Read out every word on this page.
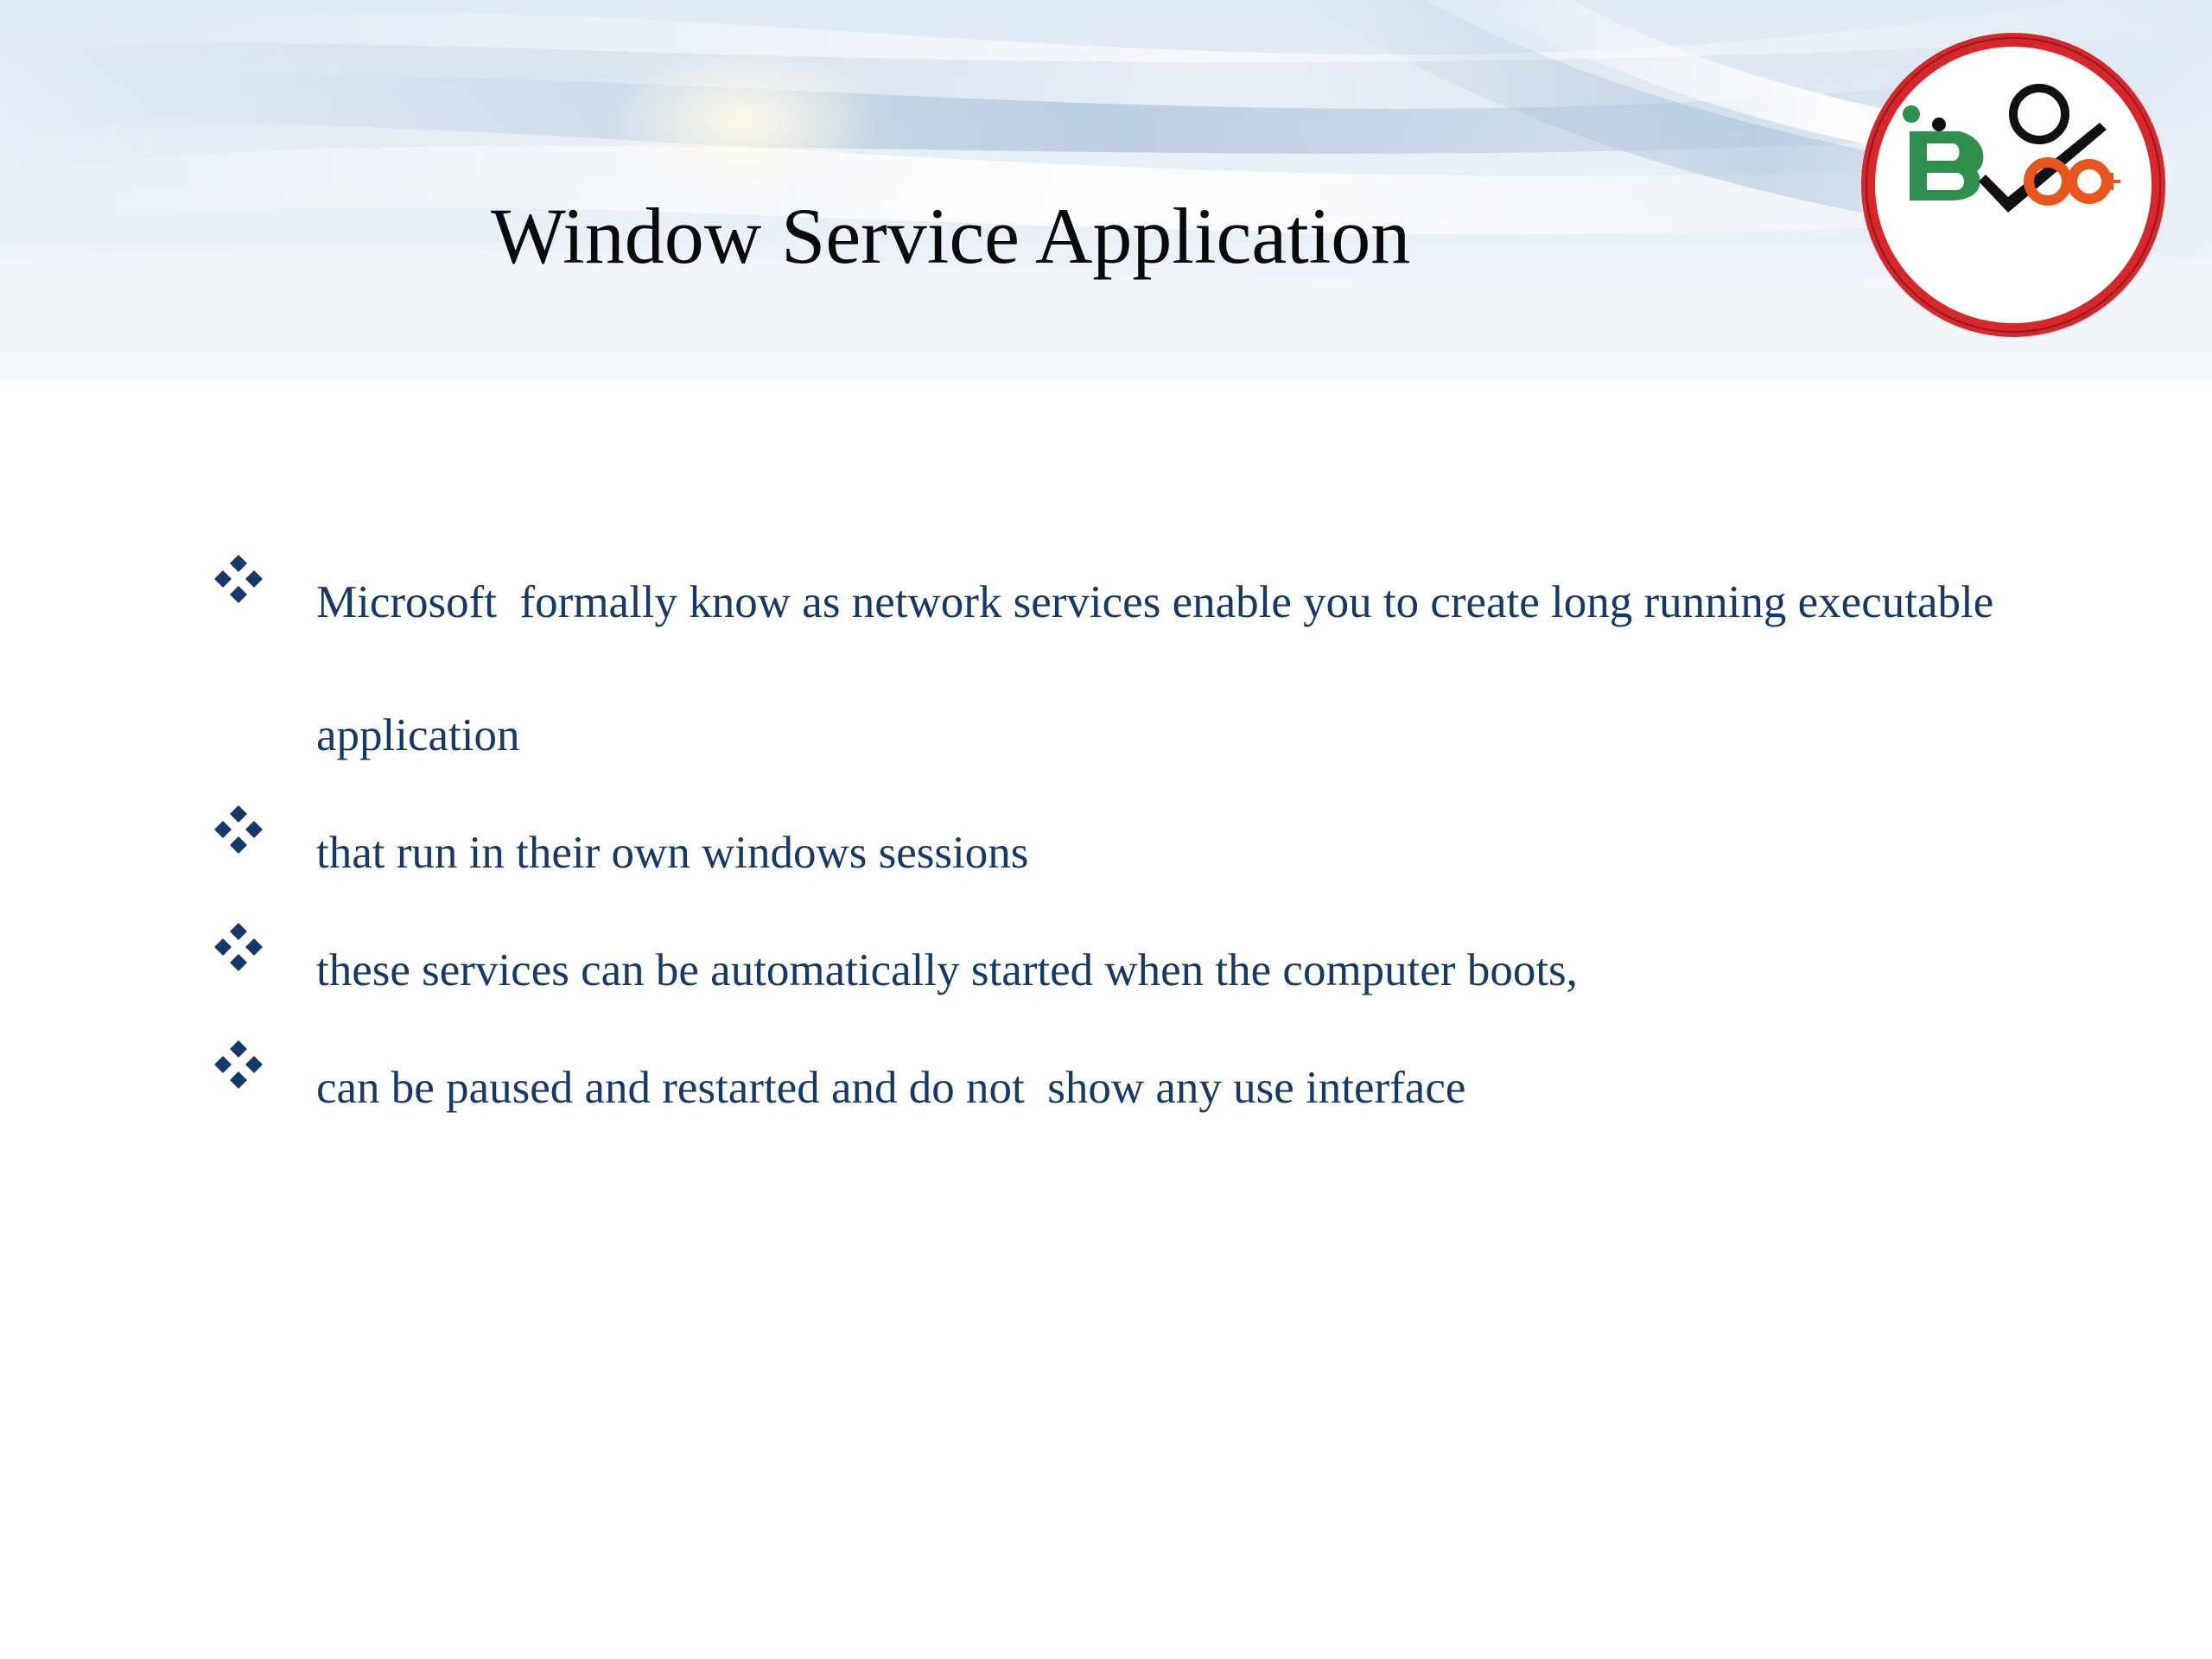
Window Service Application

Microsoft  formally know as network services enable you to create long running executable application

that run in their own windows sessions

these services can be automatically started when the computer boots,

can be paused and restarted and do not  show any use interface
